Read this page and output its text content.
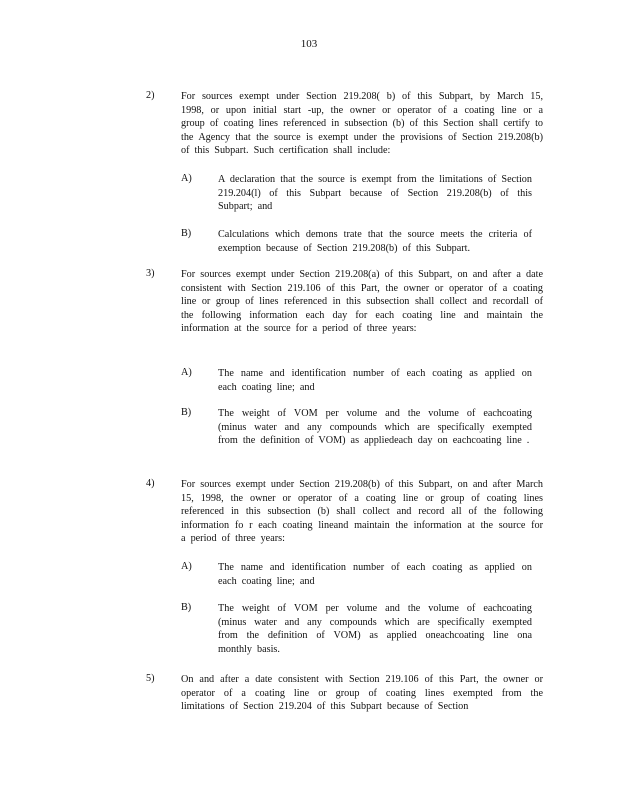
103
2)	For sources exempt under Section 219.208( b) of this Subpart, by March 15, 1998, or upon initial start -up, the owner or operator of a coating line or a group of coating lines referenced in subsection (b) of this Section shall certify to the Agency that the source is exempt under the provisions of Section 219.208(b) of this Subpart. Such certification shall include:
A)	A declaration that the source is exempt from the limitations of Section 219.204(l) of this Subpart because of Section 219.208(b) of this Subpart; and
B)	Calculations which demons trate that the source meets the criteria of exemption because of Section 219.208(b) of this Subpart.
3)	For sources exempt under Section 219.208(a) of this Subpart, on and after a date consistent with Section 219.106 of this Part, the owner or operator of a coating line or group of lines referenced in this subsection shall collect and recordall of the following information each day for each coating line and maintain the information at the source for a period of three years:
A)	The name and identification number of each coating as applied on each coating line; and
B)	The weight of VOM per volume and the volume of eachcoating (minus water and any compounds which are specifically exempted from the definition of VOM) as appliedeach day on eachcoating line .
4)	For sources exempt under Section 219.208(b) of this Subpart, on and after March 15, 1998, the owner or operator of a coating line or group of coating lines referenced in this subsection (b) shall collect and record all of the following information fo r each coating lineand maintain the information at the source for a period of three years:
A)	The name and identification number of each coating as applied on each coating line; and
B)	The weight of VOM per volume and the volume of eachcoating (minus water and any compounds which are specifically exempted from the definition of VOM) as applied oneachcoating line ona monthly basis.
5)	On and after a date consistent with Section 219.106 of this Part, the owner or operator of a coating line or group of coating lines exempted from the limitations of Section 219.204 of this Subpart because of Section
